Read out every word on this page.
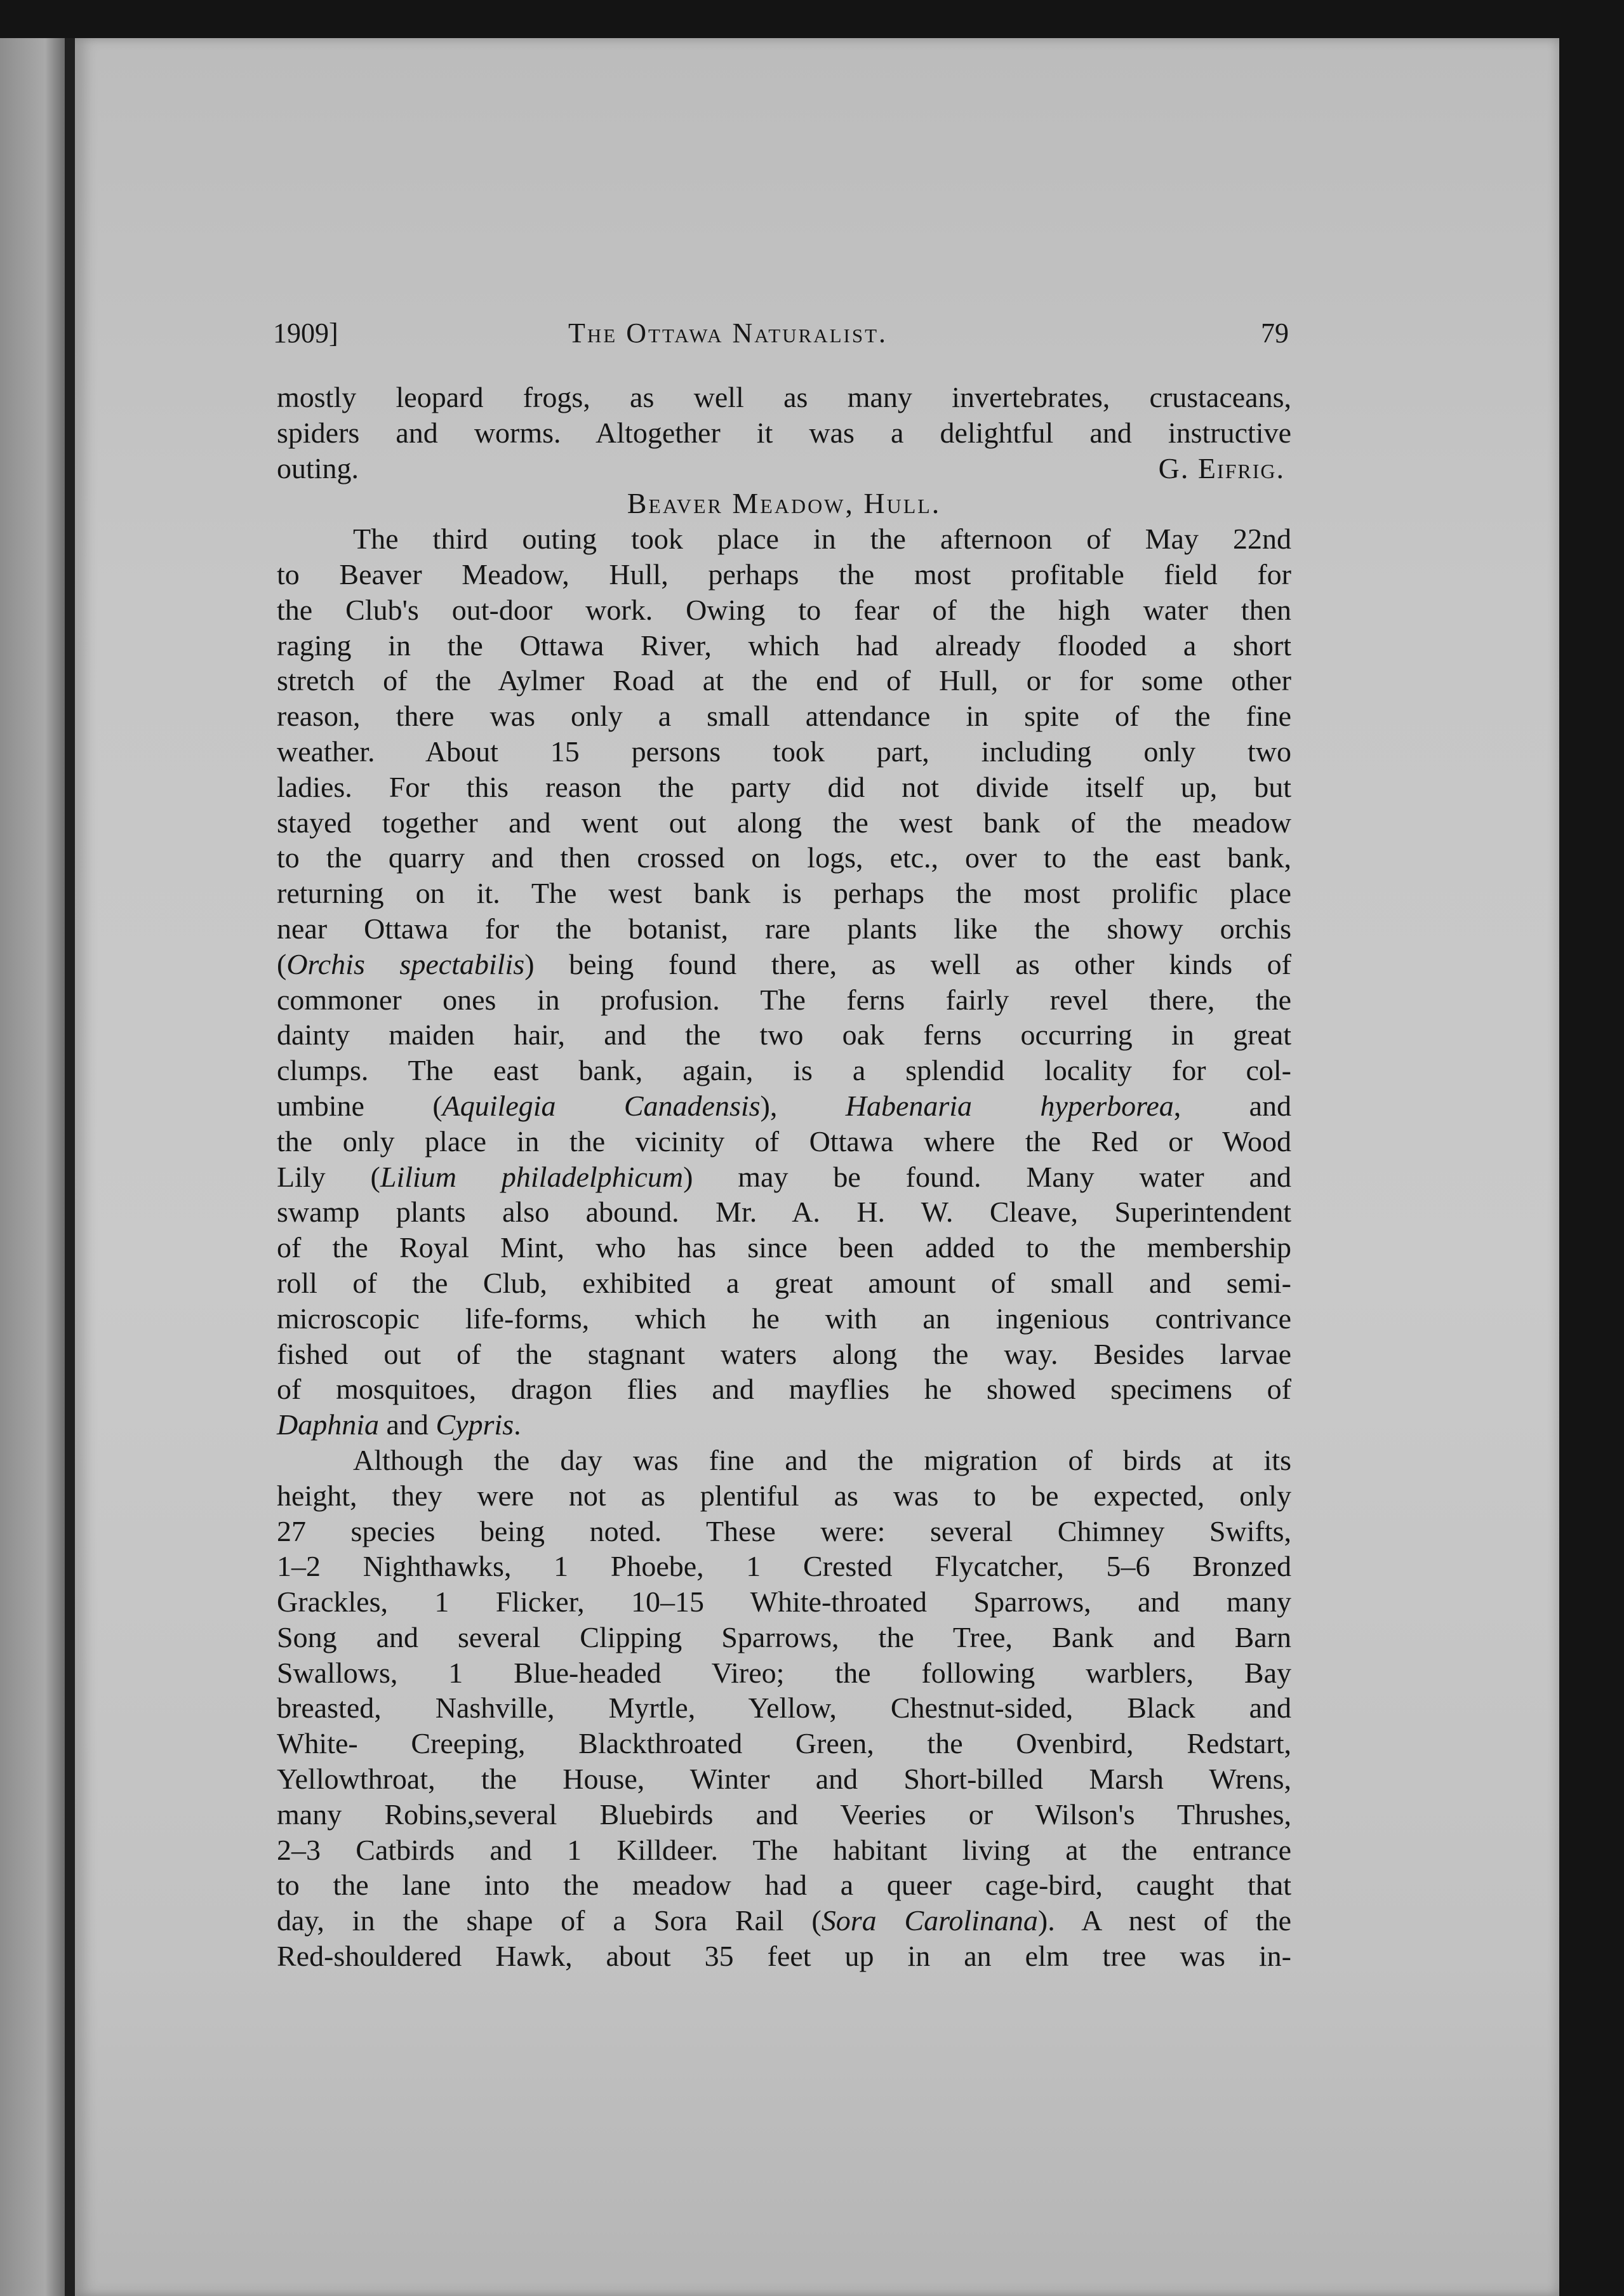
1909]	The Ottawa Naturalist.	79
mostly leopard frogs, as well as many invertebrates, crustaceans,
spiders and worms. Altogether it was a delightful and instructive
outing.	G. Eifrig.
Beaver Meadow, Hull.
The third outing took place in the afternoon of May 22nd
to Beaver Meadow, Hull, perhaps the most profitable field for
the Club's out-door work. Owing to fear of the high water then
raging in the Ottawa River, which had already flooded a short
stretch of the Aylmer Road at the end of Hull, or for some other
reason, there was only a small attendance in spite of the fine
weather. About 15 persons took part, including only two
ladies. For this reason the party did not divide itself up, but
stayed together and went out along the west bank of the meadow
to the quarry and then crossed on logs, etc., over to the east bank,
returning on it. The west bank is perhaps the most prolific place
near Ottawa for the botanist, rare plants like the showy orchis
(Orchis spectabilis) being found there, as well as other kinds of
commoner ones in profusion. The ferns fairly revel there, the
dainty maiden hair, and the two oak ferns occurring in great
clumps. The east bank, again, is a splendid locality for col-
umbine (Aquilegia Canadensis), Habenaria hyperborea, and
the only place in the vicinity of Ottawa where the Red or Wood
Lily (Lilium philadelphicum) may be found. Many water and
swamp plants also abound. Mr. A. H. W. Cleave, Superintendent
of the Royal Mint, who has since been added to the membership
roll of the Club, exhibited a great amount of small and semi-
microscopic life-forms, which he with an ingenious contrivance
fished out of the stagnant waters along the way. Besides larvae
of mosquitoes, dragon flies and mayflies he showed specimens of
Daphnia and Cypris.
Although the day was fine and the migration of birds at its
height, they were not as plentiful as was to be expected, only
27 species being noted. These were: several Chimney Swifts,
1–2 Nighthawks, 1 Phoebe, 1 Crested Flycatcher, 5–6 Bronzed
Grackles, 1 Flicker, 10–15 White-throated Sparrows, and many
Song and several Clipping Sparrows, the Tree, Bank and Barn
Swallows, 1 Blue-headed Vireo; the following warblers, Bay
breasted, Nashville, Myrtle, Yellow, Chestnut-sided, Black and
White- Creeping, Blackthroated Green, the Ovenbird, Redstart,
Yellowthroat, the House, Winter and Short-billed Marsh Wrens,
many Robins,several Bluebirds and Veeries or Wilson's Thrushes,
2–3 Catbirds and 1 Killdeer. The habitant living at the entrance
to the lane into the meadow had a queer cage-bird, caught that
day, in the shape of a Sora Rail (Sora Carolinana). A nest of the
Red-shouldered Hawk, about 35 feet up in an elm tree was in-
